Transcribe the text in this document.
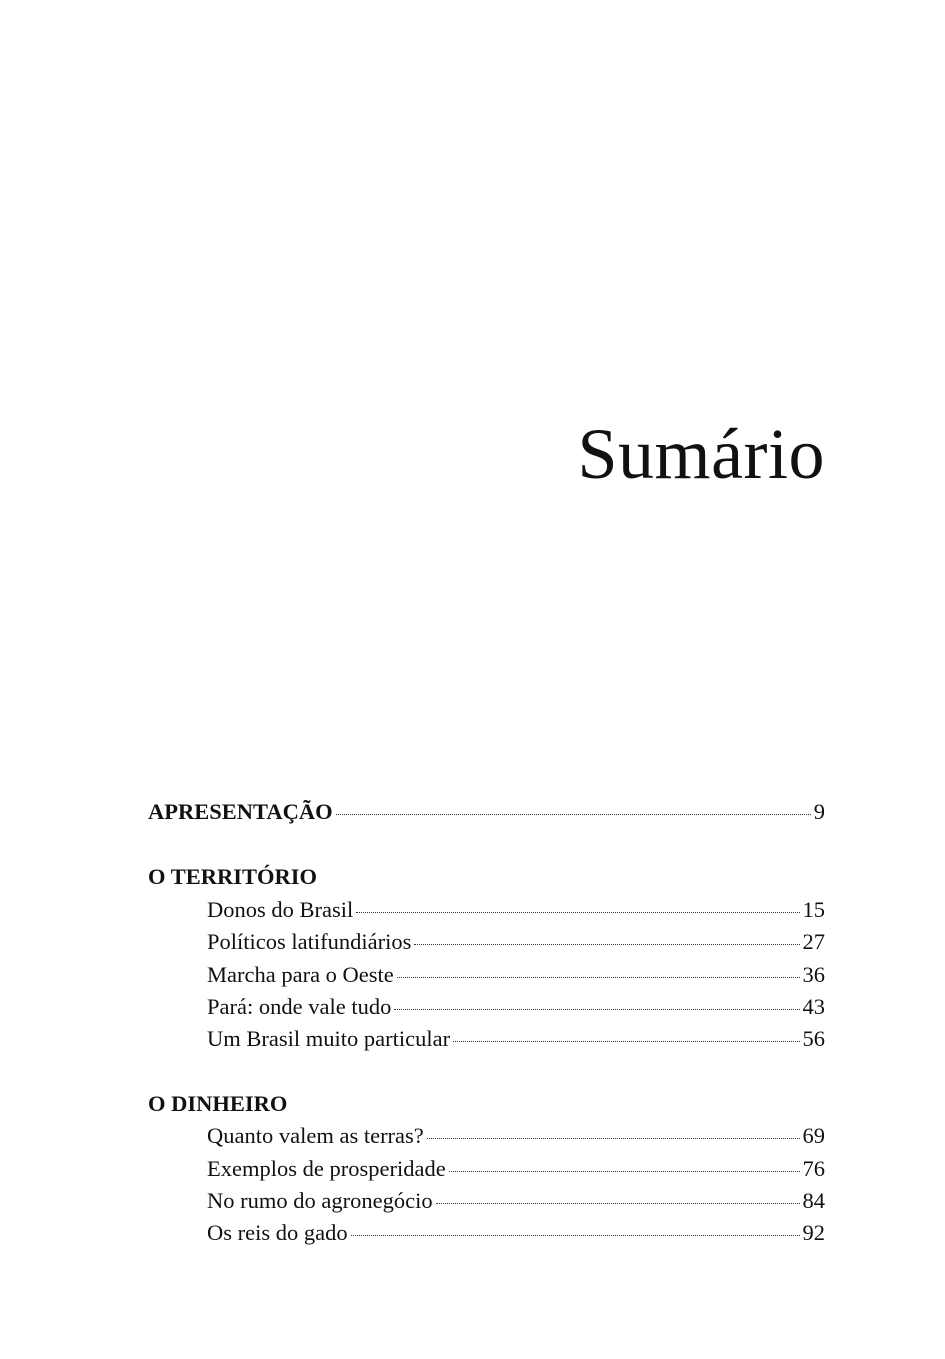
Sumário
APRESENTAÇÃO	9
O TERRITÓRIO
Donos do Brasil	15
Políticos latifundiários	27
Marcha para o Oeste	36
Pará: onde vale tudo	43
Um Brasil muito particular	56
O DINHEIRO
Quanto valem as terras?	69
Exemplos de prosperidade	76
No rumo do agronegócio	84
Os reis do gado	92
